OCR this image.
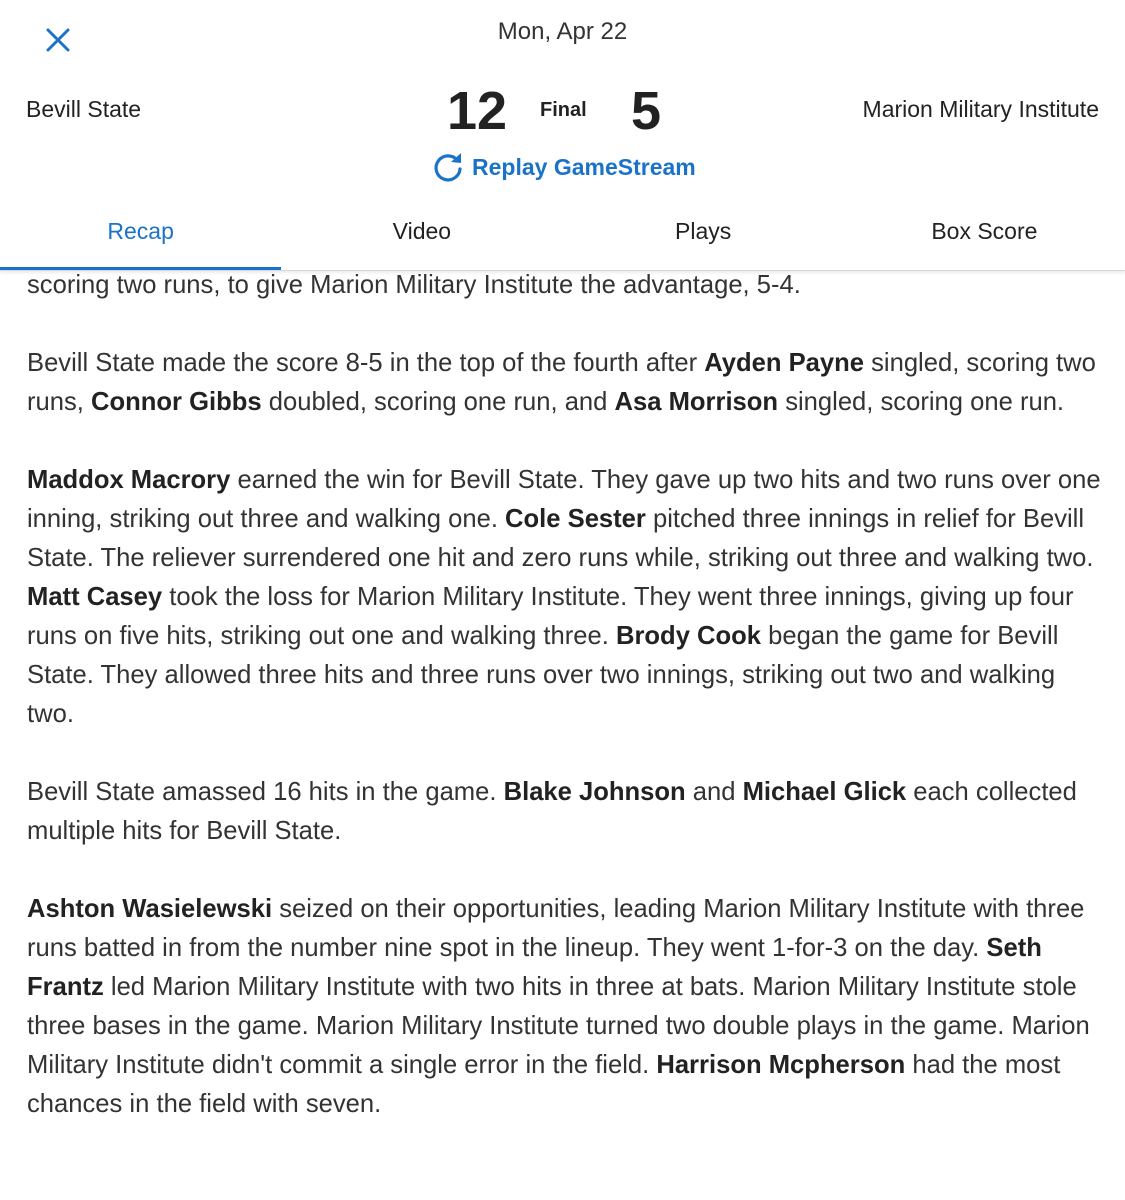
Mon, Apr 22
Bevill State	12 Final 5	Marion Military Institute
Replay GameStream
Recap	Video	Plays	Box Score

scoring two runs, to give Marion Military Institute the advantage, 5-4.

Bevill State made the score 8-5 in the top of the fourth after Ayden Payne singled, scoring two runs, Connor Gibbs doubled, scoring one run, and Asa Morrison singled, scoring one run.

Maddox Macrory earned the win for Bevill State. They gave up two hits and two runs over one inning, striking out three and walking one. Cole Sester pitched three innings in relief for Bevill State. The reliever surrendered one hit and zero runs while, striking out three and walking two. Matt Casey took the loss for Marion Military Institute. They went three innings, giving up four runs on five hits, striking out one and walking three. Brody Cook began the game for Bevill State. They allowed three hits and three runs over two innings, striking out two and walking two.

Bevill State amassed 16 hits in the game. Blake Johnson and Michael Glick each collected multiple hits for Bevill State.

Ashton Wasielewski seized on their opportunities, leading Marion Military Institute with three runs batted in from the number nine spot in the lineup. They went 1-for-3 on the day. Seth Frantz led Marion Military Institute with two hits in three at bats. Marion Military Institute stole three bases in the game. Marion Military Institute turned two double plays in the game. Marion Military Institute didn't commit a single error in the field. Harrison Mcpherson had the most chances in the field with seven.
